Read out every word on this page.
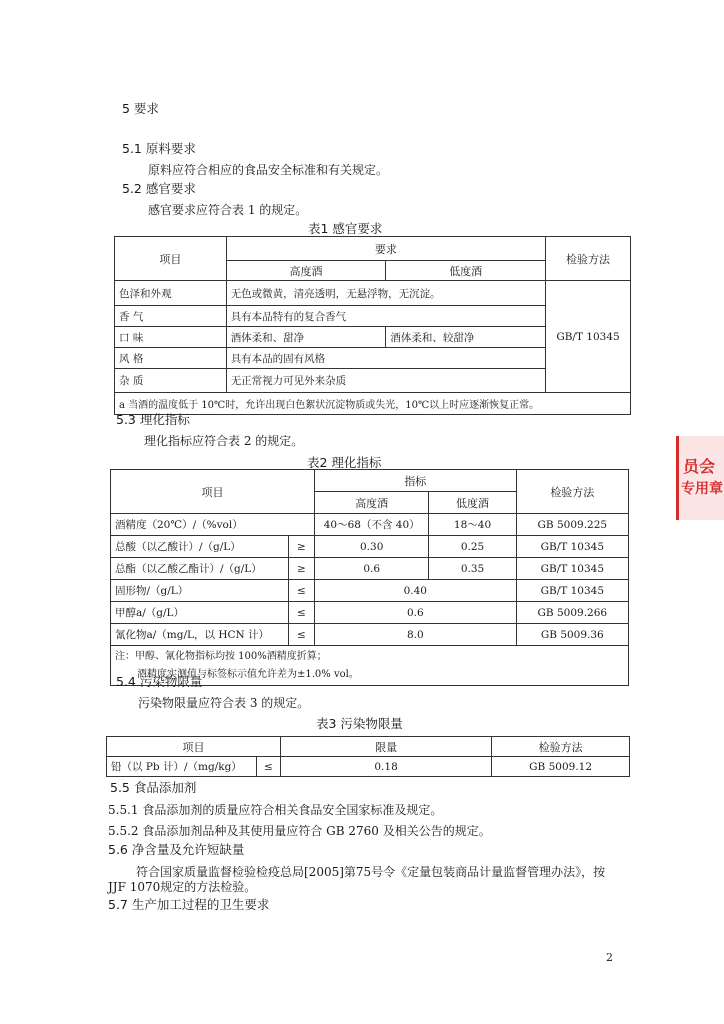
5 要求
5.1 原料要求
原料应符合相应的食品安全标准和有关规定。
5.2 感官要求
感官要求应符合表 1 的规定。
表1 感官要求
项目	要求		检验方法
	高度酒	低度酒	
色泽和外观	无色或微黄，清亮透明，无悬浮物，无沉淀。		GB/T 10345
香 气	具有本品特有的复合香气		
口 味	酒体柔和、甜净	酒体柔和、较甜净	
风 格	具有本品的固有风格		
杂 质	无正常视力可见外来杂质		
a 当酒的温度低于 10℃时，允许出现白色絮状沉淀物质或失光，10℃以上时应逐渐恢复正常。			
5.3 理化指标
理化指标应符合表 2 的规定。
表2 理化指标
项目		指标		检验方法
		高度酒	低度酒	
酒精度（20℃）/（%vol）		40～68（不含 40）	18～40	GB 5009.225
总酸（以乙酸计）/（g/L）	≥	0.30	0.25	GB/T 10345
总酯（以乙酸乙酯计）/（g/L）	≥	0.6	0.35	GB/T 10345
固形物/（g/L）	≤	0.40		GB/T 10345
甲醇a/（g/L）	≤	0.6		GB 5009.266
氰化物a/（mg/L，以 HCN 计）	≤	8.0		GB 5009.36

注：甲醇、氰化物指标均按 100%酒精度折算；
酒精度实测值与标签标示值允许差为±1.0% vol。				
5.4 污染物限量
污染物限量应符合表 3 的规定。
表3 污染物限量
项目		限量	检验方法
铅（以 Pb 计）/（mg/kg）	≤	0.18	GB 5009.12
5.5 食品添加剂
5.5.1 食品添加剂的质量应符合相关食品安全国家标准及规定。
5.5.2 食品添加剂品种及其使用量应符合 GB 2760 及相关公告的规定。
5.6 净含量及允许短缺量
符合国家质量监督检验检疫总局[2005]第75号令《定量包装商品计量监督管理办法》，按
JJF 1070规定的方法检验。
5.7 生产加工过程的卫生要求
员会
专用章
2
